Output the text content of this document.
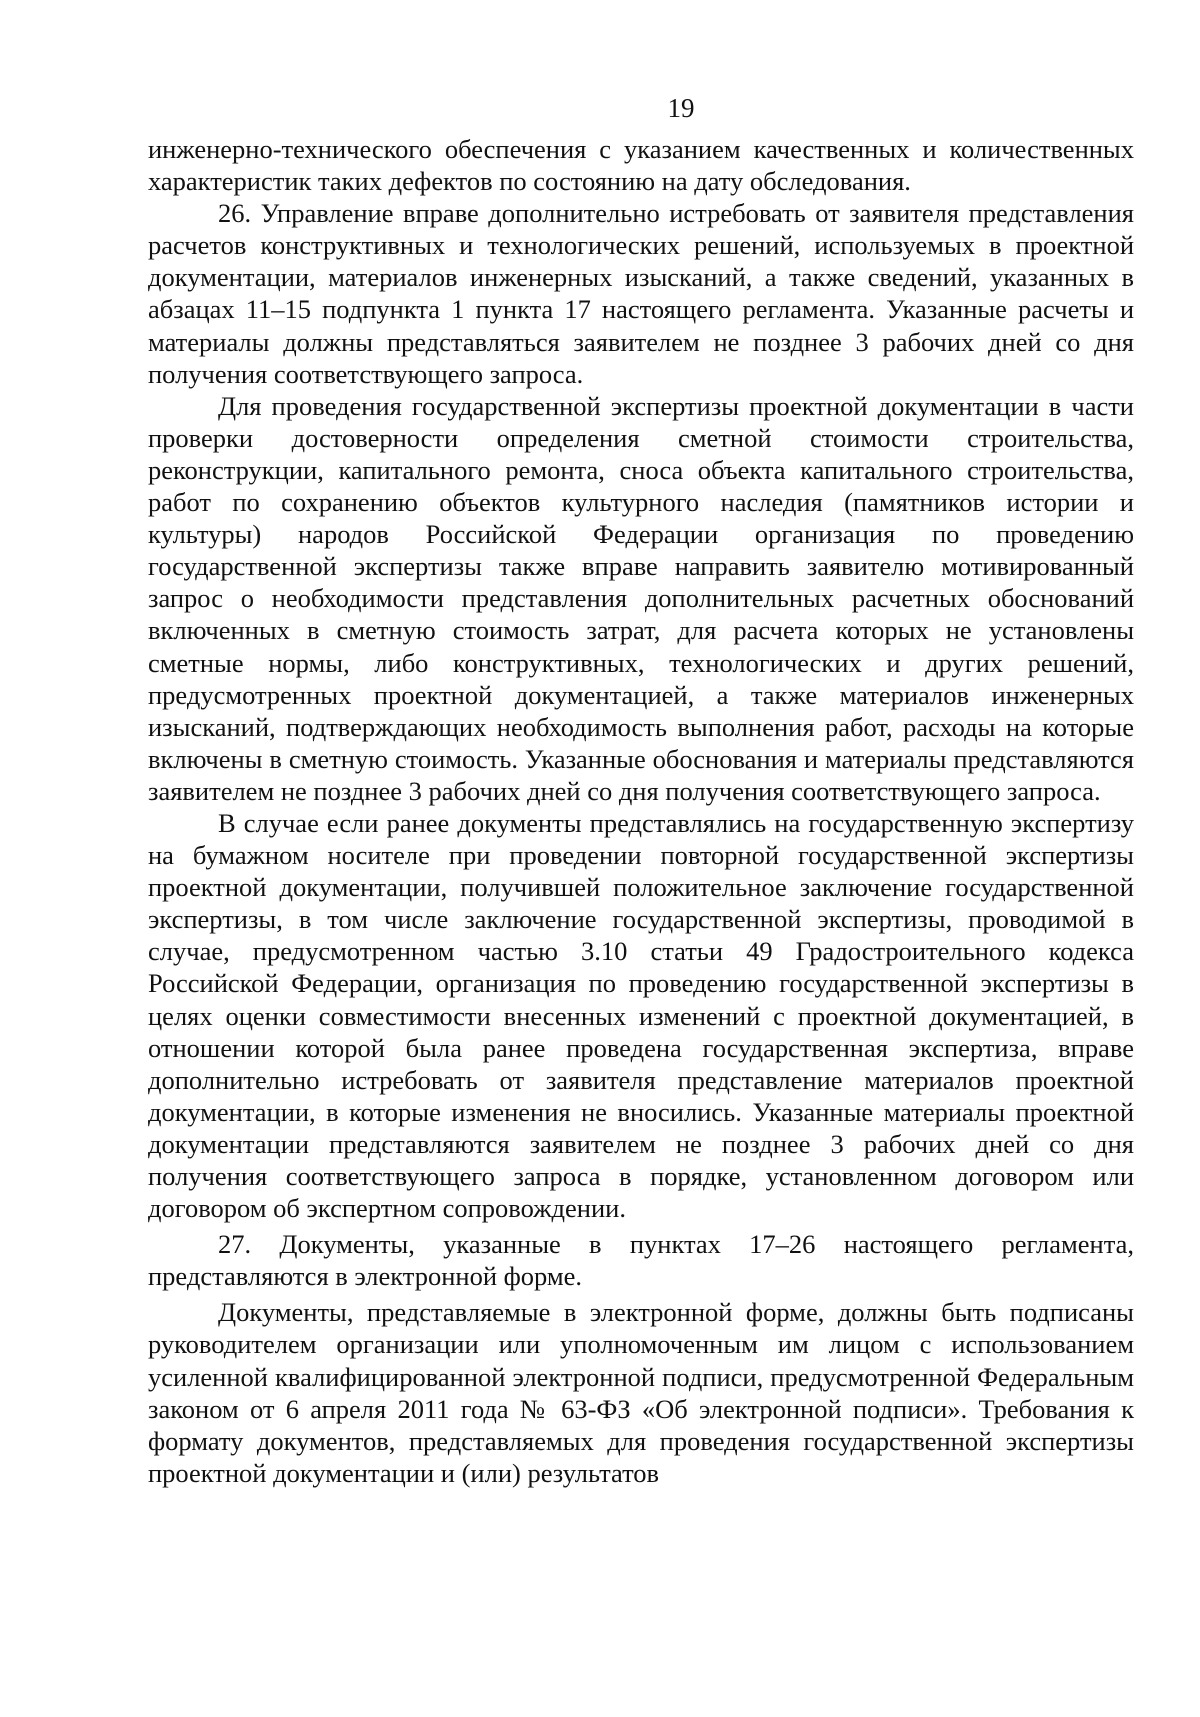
19

инженерно-технического обеспечения с указанием качественных и количественных характеристик таких дефектов по состоянию на дату обследования.

26. Управление вправе дополнительно истребовать от заявителя представления расчетов конструктивных и технологических решений, используемых в проектной документации, материалов инженерных изысканий, а также сведений, указанных в абзацах 11–15 подпункта 1 пункта 17 настоящего регламента. Указанные расчеты и материалы должны представляться заявителем не позднее 3 рабочих дней со дня получения соответствующего запроса.

Для проведения государственной экспертизы проектной документации в части проверки достоверности определения сметной стоимости строительства, реконструкции, капитального ремонта, сноса объекта капитального строительства, работ по сохранению объектов культурного наследия (памятников истории и культуры) народов Российской Федерации организация по проведению государственной экспертизы также вправе направить заявителю мотивированный запрос о необходимости представления дополнительных расчетных обоснований включенных в сметную стоимость затрат, для расчета которых не установлены сметные нормы, либо конструктивных, технологических и других решений, предусмотренных проектной документацией, а также материалов инженерных изысканий, подтверждающих необходимость выполнения работ, расходы на которые включены в сметную стоимость. Указанные обоснования и материалы представляются заявителем не позднее 3 рабочих дней со дня получения соответствующего запроса.

В случае если ранее документы представлялись на государственную экспертизу на бумажном носителе при проведении повторной государственной экспертизы проектной документации, получившей положительное заключение государственной экспертизы, в том числе заключение государственной экспертизы, проводимой в случае, предусмотренном частью 3.10 статьи 49 Градостроительного кодекса Российской Федерации, организация по проведению государственной экспертизы в целях оценки совместимости внесенных изменений с проектной документацией, в отношении которой была ранее проведена государственная экспертиза, вправе дополнительно истребовать от заявителя представление материалов проектной документации, в которые изменения не вносились. Указанные материалы проектной документации представляются заявителем не позднее 3 рабочих дней со дня получения соответствующего запроса в порядке, установленном договором или договором об экспертном сопровождении.

27. Документы, указанные в пунктах 17–26 настоящего регламента, представляются в электронной форме.

Документы, представляемые в электронной форме, должны быть подписаны руководителем организации или уполномоченным им лицом с использованием усиленной квалифицированной электронной подписи, предусмотренной Федеральным законом от 6 апреля 2011 года № 63-ФЗ «Об электронной подписи». Требования к формату документов, представляемых для проведения государственной экспертизы проектной документации и (или) результатов
